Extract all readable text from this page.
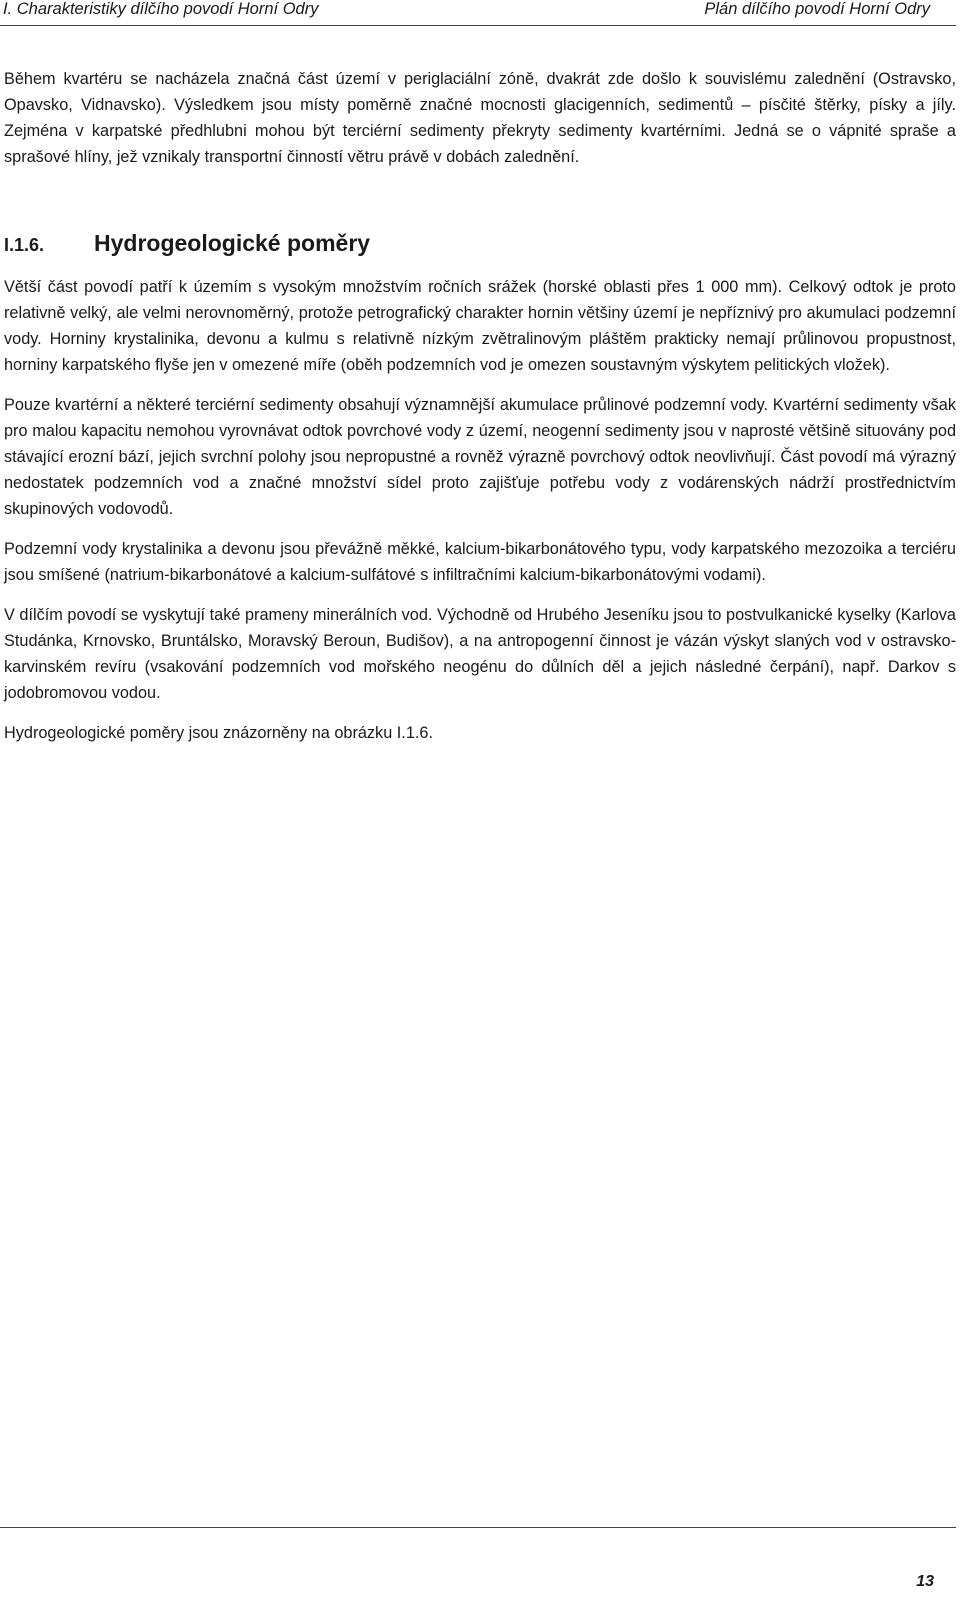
I. Charakteristiky dílčího povodí Horní Odry	Plán dílčího povodí Horní Odry

Během kvartéru se nacházela značná část území v periglaciální zóně, dvakrát zde došlo k souvislému zalednění (Ostravsko, Opavsko, Vidnavsko). Výsledkem jsou místy poměrně značné mocnosti glacigenních, sedimentů – písčité štěrky, písky a jíly. Zejména v karpatské předhlubni mohou být terciérní sedimenty překryty sedimenty kvartérními. Jedná se o vápnité spraše a sprašové hlíny, jež vznikaly transportní činností větru právě v dobách zalednění.

I.1.6.	Hydrogeologické poměry

Větší část povodí patří k územím s vysokým množstvím ročních srážek (horské oblasti přes 1 000 mm). Celkový odtok je proto relativně velký, ale velmi nerovnoměrný, protože petrografický charakter hornin většiny území je nepříznivý pro akumulaci podzemní vody. Horniny krystalinika, devonu a kulmu s relativně nízkým zvětralinovým pláštěm prakticky nemají průlinovou propustnost, horniny karpatského flyše jen v omezené míře (oběh podzemních vod je omezen soustavným výskytem pelitických vložek).

Pouze kvartérní a některé terciérní sedimenty obsahují významnější akumulace průlinové podzemní vody. Kvartérní sedimenty však pro malou kapacitu nemohou vyrovnávat odtok povrchové vody z území, neogenní sedimenty jsou v naprosté většině situovány pod stávající erozní bází, jejich svrchní polohy jsou nepropustné a rovněž výrazně povrchový odtok neovlivňují. Část povodí má výrazný nedostatek podzemních vod a značné množství sídel proto zajišťuje potřebu vody z vodárenských nádrží prostřednictvím skupinových vodovodů.

Podzemní vody krystalinika a devonu jsou převážně měkké, kalcium-bikarbonátového typu, vody karpatského mezozoika a terciéru jsou smíšené (natrium-bikarbonátové a kalcium-sulfátové s infiltračními kalcium-bikarbonátovými vodami).

V dílčím povodí se vyskytují také prameny minerálních vod. Východně od Hrubého Jeseníku jsou to postvulkanické kyselky (Karlova Studánka, Krnovsko, Bruntálsko, Moravský Beroun, Budišov), a na antropogenní činnost je vázán výskyt slaných vod v ostravsko-karvinském revíru (vsakování podzemních vod mořského neogénu do důlních děl a jejich následné čerpání), např. Darkov s jodobromovou vodou.

Hydrogeologické poměry jsou znázorněny na obrázku I.1.6.

13
